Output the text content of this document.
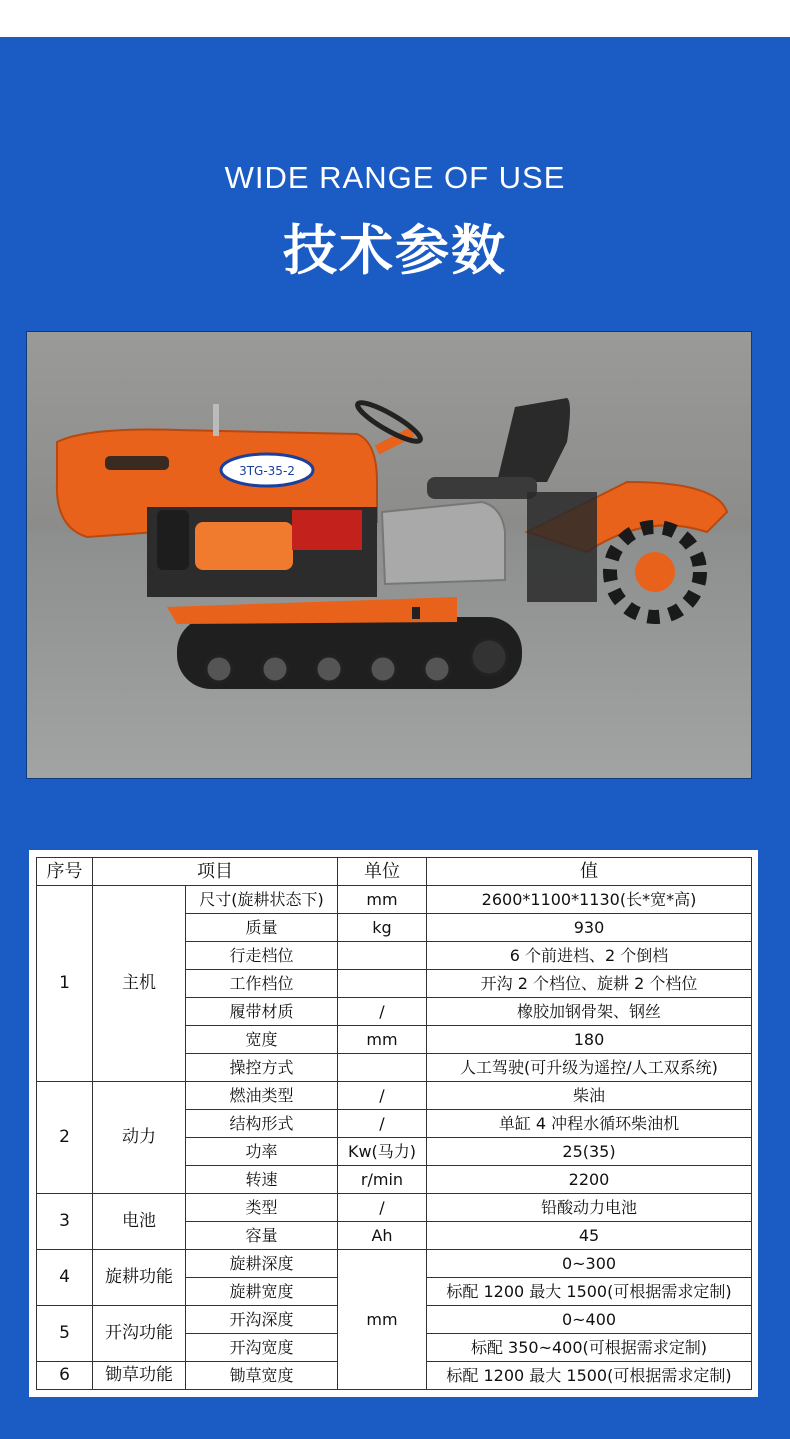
WIDE RANGE OF USE
技术参数
3TG-35-2
序号	项目		单位	值
1	主机	尺寸(旋耕状态下)	mm	2600*1100*1130(长*宽*高)
		质量	kg	930
		行走档位		6 个前进档、2 个倒档
		工作档位		开沟 2 个档位、旋耕 2 个档位
		履带材质	/	橡胶加钢骨架、钢丝
		宽度	mm	180
		操控方式		人工驾驶(可升级为遥控/人工双系统)
2	动力	燃油类型	/	柴油
		结构形式	/	单缸 4 冲程水循环柴油机
		功率	Kw(马力)	25(35)
		转速	r/min	2200
3	电池	类型	/	铅酸动力电池
		容量	Ah	45
4	旋耕功能	旋耕深度	mm	0~300
		旋耕宽度		标配 1200 最大 1500(可根据需求定制)
5	开沟功能	开沟深度		0~400
		开沟宽度		标配 350~400(可根据需求定制)
6	锄草功能	锄草宽度		标配 1200 最大 1500(可根据需求定制)
